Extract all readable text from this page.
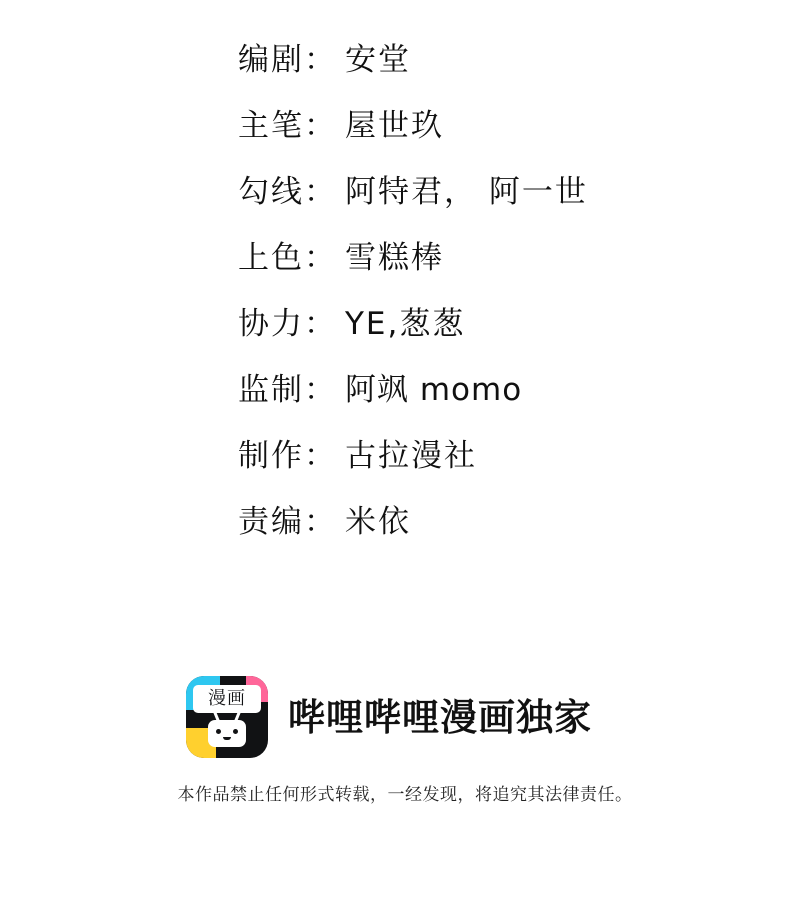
编剧 ： 安堂
主笔 ： 屋世玖
勾线 ： 阿特君， 阿一世
上色 ： 雪糕棒
协力 ： YE,葱葱
监制 ： 阿飒 momo
制作 ： 古拉漫社
责编 ： 米依
漫画	哔哩哔哩漫画独家
本作品禁止任何形式转载，一经发现，将追究其法律责任。
